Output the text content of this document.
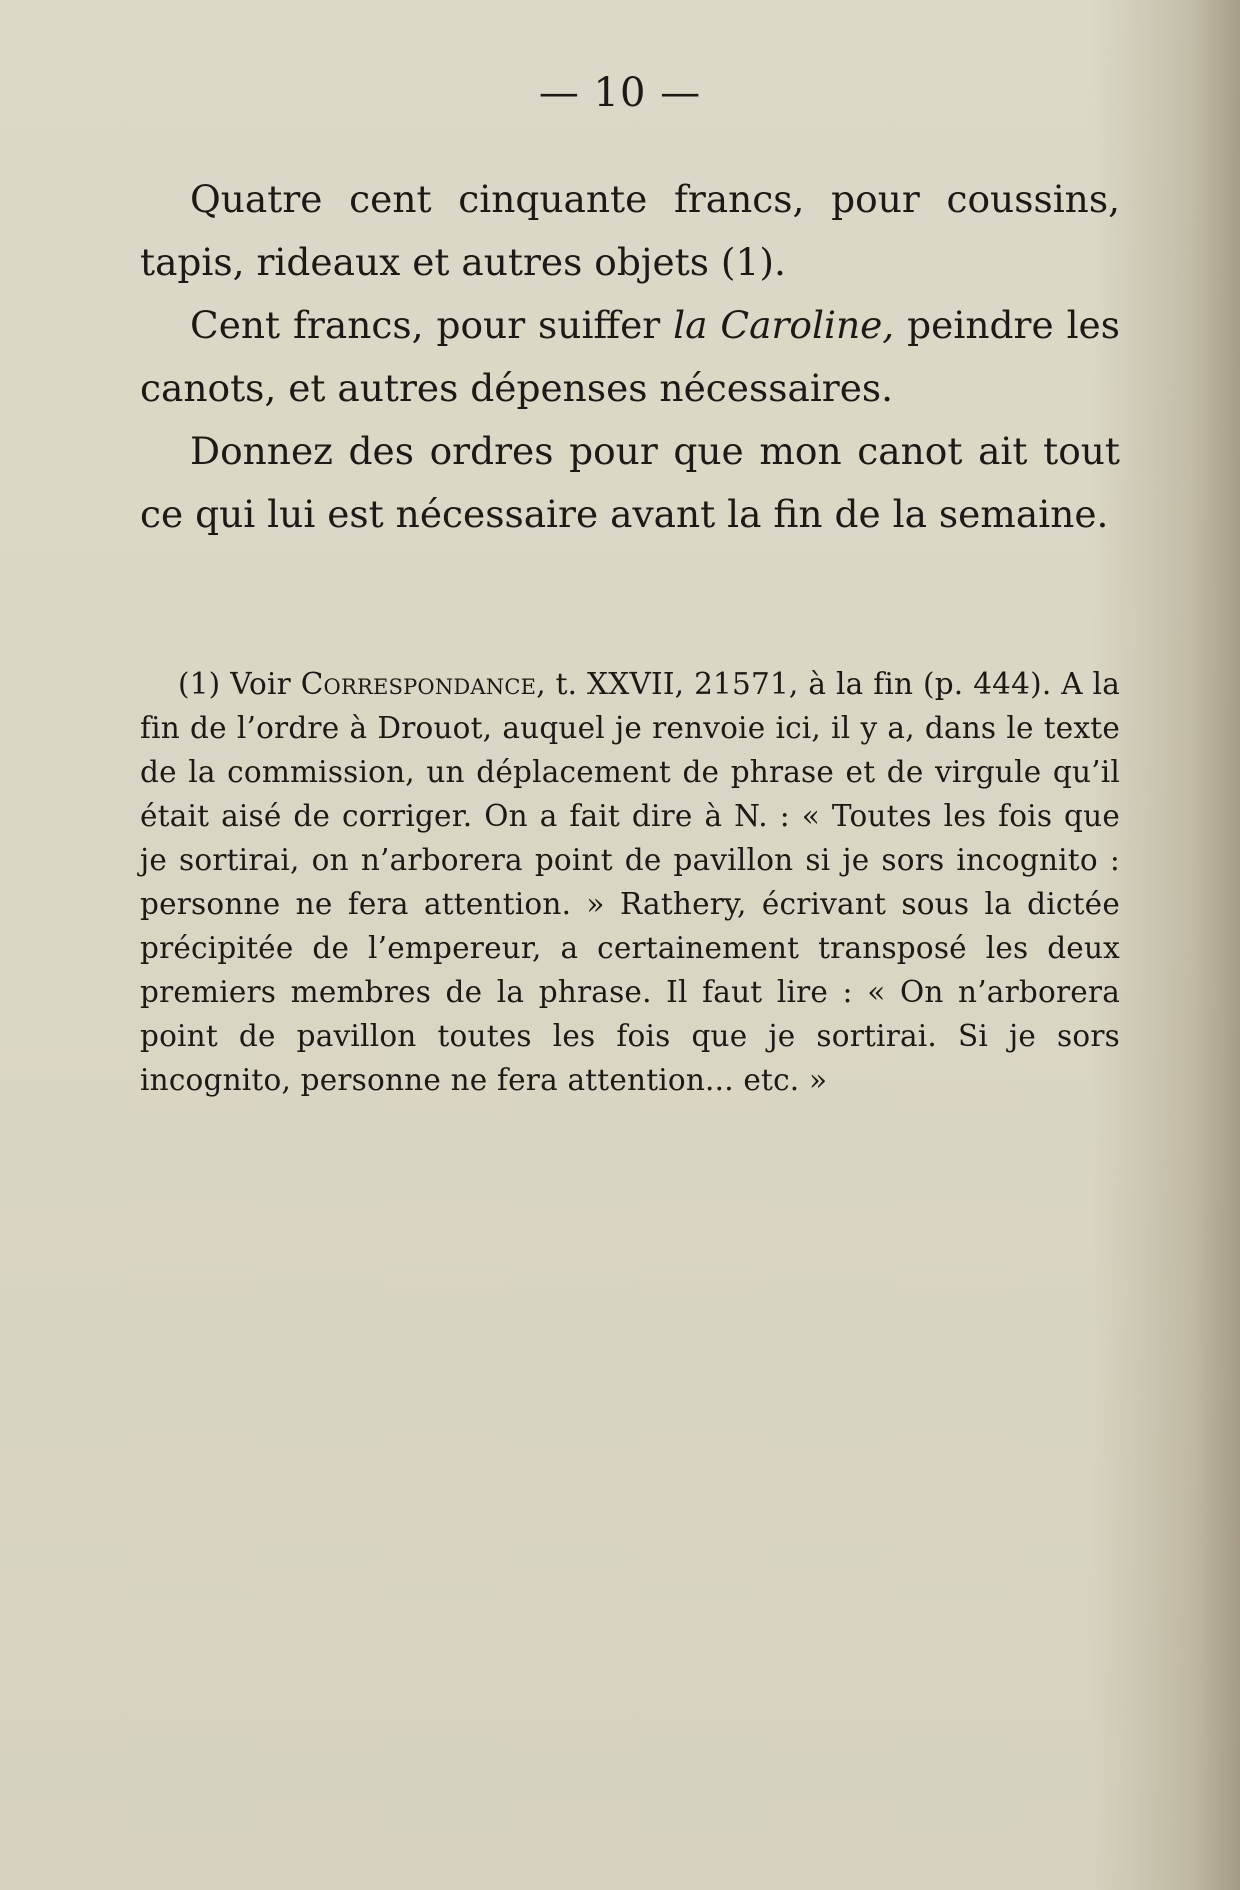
— 10 —

Quatre cent cinquante francs, pour coussins, tapis, rideaux et autres objets (1).

Cent francs, pour suiffer la Caroline, peindre les canots, et autres dépenses nécessaires.

Donnez des ordres pour que mon canot ait tout ce qui lui est nécessaire avant la fin de la semaine.

(1) Voir Correspondance, t. XXVII, 21571, à la fin (p. 444). A la fin de l’ordre à Drouot, auquel je renvoie ici, il y a, dans le texte de la commission, un déplacement de phrase et de virgule qu’il était aisé de corriger. On a fait dire à N. : « Toutes les fois que je sortirai, on n’arborera point de pavillon si je sors incognito : personne ne fera attention. » Rathery, écrivant sous la dictée précipitée de l’empereur, a certainement transposé les deux premiers membres de la phrase. Il faut lire : « On n’arborera point de pavillon toutes les fois que je sortirai. Si je sors incognito, personne ne fera attention... etc. »
